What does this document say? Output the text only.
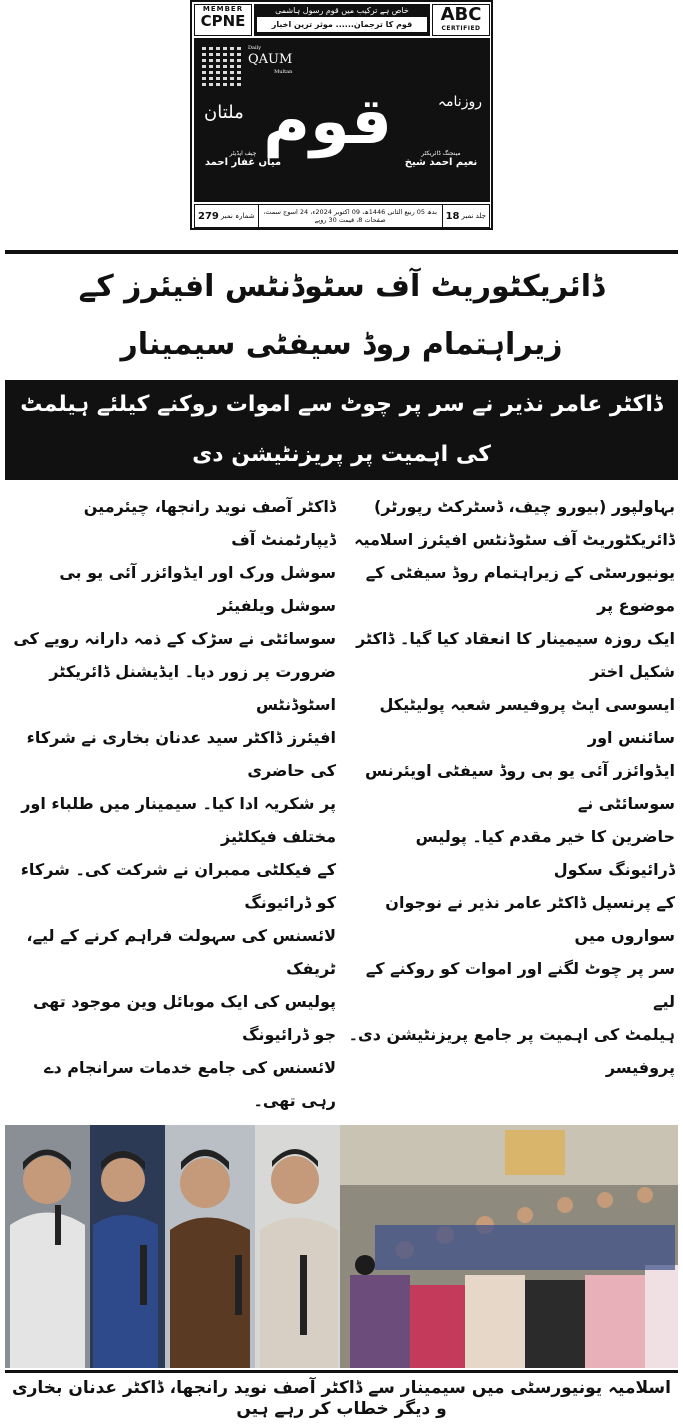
MEMBER
CPNE
خاص ہے ترکیب میں قوم رسول ہاشمی
قوم کا ترجمان...... موثر ترین اخبار	ABC
CERTIFIED
Daily
QAUM
Multan
قوم	روزنامہ
ملتان
چیف ایڈیٹر
میاں غفار احمد
مینجنگ ڈائریکٹر
نعیم احمد شیخ
جلد نمبر
18
بدھ 05 ربیع الثانی 1446ھ، 09 اکتوبر 2024ء، 24 اسوج سمت، صفحات 8، قیمت 30 روپے
شمارہ نمبر
279
ڈائریکٹوریٹ آف سٹوڈنٹس افیئرز کے زیراہتمام روڈ سیفٹی سیمینار
ڈاکٹر عامر نذیر نے سر پر چوٹ سے اموات روکنے کیلئے ہیلمٹ کی اہمیت پر پریزنٹیشن دی
بہاولپور (بیورو چیف، ڈسٹرکٹ رپورٹر)
ڈائریکٹوریٹ آف سٹوڈنٹس افیئرز اسلامیہ
یونیورسٹی کے زیراہتمام روڈ سیفٹی کے موضوع پر
ایک روزہ سیمینار کا انعقاد کیا گیا۔ ڈاکٹر شکیل اختر
ایسوسی ایٹ پروفیسر شعبہ پولیٹیکل سائنس اور
ایڈوائزر آئی یو بی روڈ سیفٹی اویئرنس سوسائٹی نے
حاضرین کا خیر مقدم کیا۔ پولیس ڈرائیونگ سکول
کے پرنسپل ڈاکٹر عامر نذیر نے نوجوان سواروں میں
سر پر چوٹ لگنے اور اموات کو روکنے کے لیے
ہیلمٹ کی اہمیت پر جامع پریزنٹیشن دی۔ پروفیسر
ڈاکٹر آصف نوید رانجھا، چیئرمین ڈیپارٹمنٹ آف
سوشل ورک اور ایڈوائزر آئی یو بی سوشل ویلفیئر
سوسائٹی نے سڑک کے ذمہ دارانہ رویے کی
ضرورت پر زور دیا۔ ایڈیشنل ڈائریکٹر اسٹوڈنٹس
افیئرز ڈاکٹر سید عدنان بخاری نے شرکاء کی حاضری
پر شکریہ ادا کیا۔ سیمینار میں طلباء اور مختلف فیکلٹیز
کے فیکلٹی ممبران نے شرکت کی۔ شرکاء کو ڈرائیونگ
لائسنس کی سہولت فراہم کرنے کے لیے، ٹریفک
پولیس کی ایک موبائل وین موجود تھی جو ڈرائیونگ
لائسنس کی جامع خدمات سرانجام دے رہی تھی۔
اسلامیہ یونیورسٹی میں سیمینار سے ڈاکٹر آصف نوید رانجھا، ڈاکٹر عدنان بخاری و دیگر خطاب کر رہے ہیں
